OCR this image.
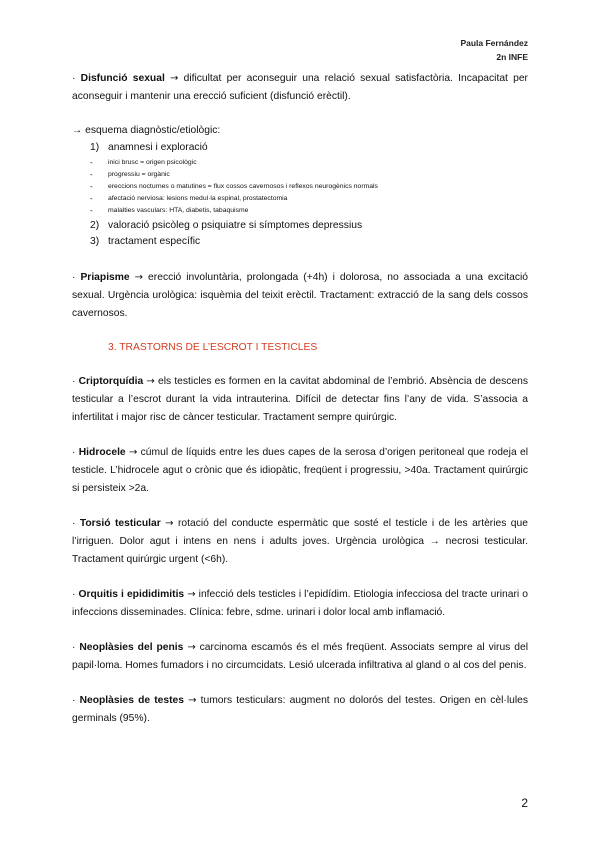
Paula Fernández
2n INFE

· Disfunció sexual → dificultat per aconseguir una relació sexual satisfactòria. Incapacitat per aconseguir i mantenir una erecció suficient (disfunció erèctil).

→ esquema diagnòstic/etiològic:

1) anamnesi i exploració
- inici brusc = origen psicològic
- progressiu = orgànic
- ereccions nocturnes o matutines = flux cossos cavernosos i reflexos neurogènics normals
- afectació nerviosa: lesions medul·la espinal, prostatectomia
- malalties vasculars: HTA, diabetis, tabaquisme
2) valoració psicòleg o psiquiatre si símptomes depressius
3) tractament específic

· Priapisme → erecció involuntària, prolongada (+4h) i dolorosa, no associada a una excitació sexual. Urgència urològica: isquèmia del teixit erèctil. Tractament: extracció de la sang dels cossos cavernosos.

3. TRASTORNS DE L’ESCROT I TESTICLES

· Criptorquídia → els testicles es formen en la cavitat abdominal de l’embrió. Absència de descens testicular a l’escrot durant la vida intrauterina. Difícil de detectar fins l’any de vida. S’associa a infertilitat i major risc de càncer testicular. Tractament sempre quirúrgic.

· Hidrocele → cúmul de líquids entre les dues capes de la serosa d’origen peritoneal que rodeja el testicle. L’hidrocele agut o crònic que és idiopàtic, freqüent i progressiu, >40a. Tractament quirúrgic si persisteix >2a.

· Torsió testicular → rotació del conducte espermàtic que sosté el testicle i de les artèries que l’irriguen. Dolor agut i intens en nens i adults joves. Urgència urològica → necrosi testicular. Tractament quirúrgic urgent (<6h).

· Orquitis i epididimitis → infecció dels testicles i l’epidídim. Etiologia infecciosa del tracte urinari o infeccions disseminades. Clínica: febre, sdme. urinari i dolor local amb inflamació.

· Neoplàsies del penis → carcinoma escamós és el més freqüent. Associats sempre al virus del papil·loma. Homes fumadors i no circumcidats. Lesió ulcerada infiltrativa al gland o al cos del penis.

· Neoplàsies de testes → tumors testiculars: augment no dolorós del testes. Origen en cèl·lules germinals (95%).

2
